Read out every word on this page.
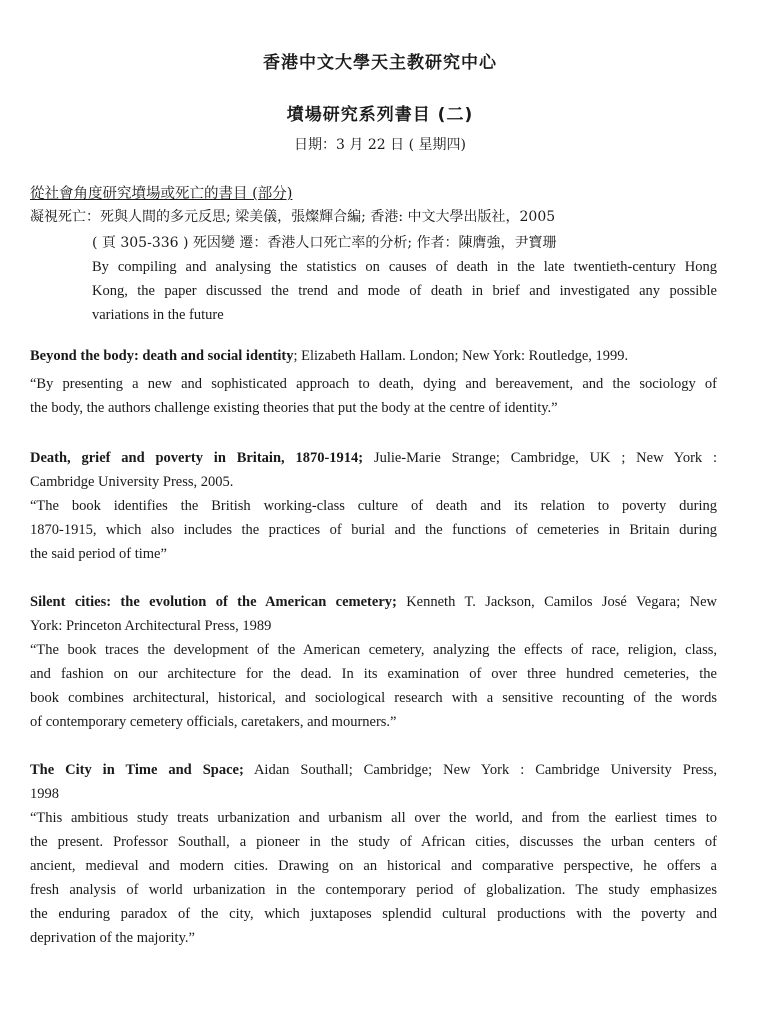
香港中文大學天主教研究中心
墳場研究系列書目 (二)
日期：3 月 22 日 ( 星期四)
從社會角度研究墳場或死亡的書目 (部分)
凝視死亡：死與人間的多元反思; 梁美儀，張燦輝合編; 香港: 中文大學出版社，2005
( 頁 305-336 ) 死因變 遷：香港人口死亡率的分析; 作者：陳膺強，尹寶珊
By compiling and analysing the statistics on causes of death in the late twentieth-century Hong
Kong, the paper discussed the trend and mode of death in brief and investigated any possible
variations in the future
Beyond the body: death and social identity; Elizabeth Hallam. London; New York: Routledge, 1999.
“By presenting a new and sophisticated approach to death, dying and bereavement, and the sociology of
the body, the authors challenge existing theories that put the body at the centre of identity.”
Death, grief and poverty in Britain, 1870-1914; Julie-Marie Strange; Cambridge, UK ; New York :
Cambridge University Press, 2005.
“The book identifies the British working-class culture of death and its relation to poverty during
1870-1915, which also includes the practices of burial and the functions of cemeteries in Britain during
the said period of time”
Silent cities: the evolution of the American cemetery; Kenneth T. Jackson, Camilos José Vegara; New
York: Princeton Architectural Press, 1989
“The book traces the development of the American cemetery, analyzing the effects of race, religion, class,
and fashion on our architecture for the dead. In its examination of over three hundred cemeteries, the
book combines architectural, historical, and sociological research with a sensitive recounting of the words
of contemporary cemetery officials, caretakers, and mourners.”
The City in Time and Space; Aidan Southall; Cambridge; New York : Cambridge University Press,
1998
“This ambitious study treats urbanization and urbanism all over the world, and from the earliest times to
the present. Professor Southall, a pioneer in the study of African cities, discusses the urban centers of
ancient, medieval and modern cities. Drawing on an historical and comparative perspective, he offers a
fresh analysis of world urbanization in the contemporary period of globalization. The study emphasizes
the enduring paradox of the city, which juxtaposes splendid cultural productions with the poverty and
deprivation of the majority.”
